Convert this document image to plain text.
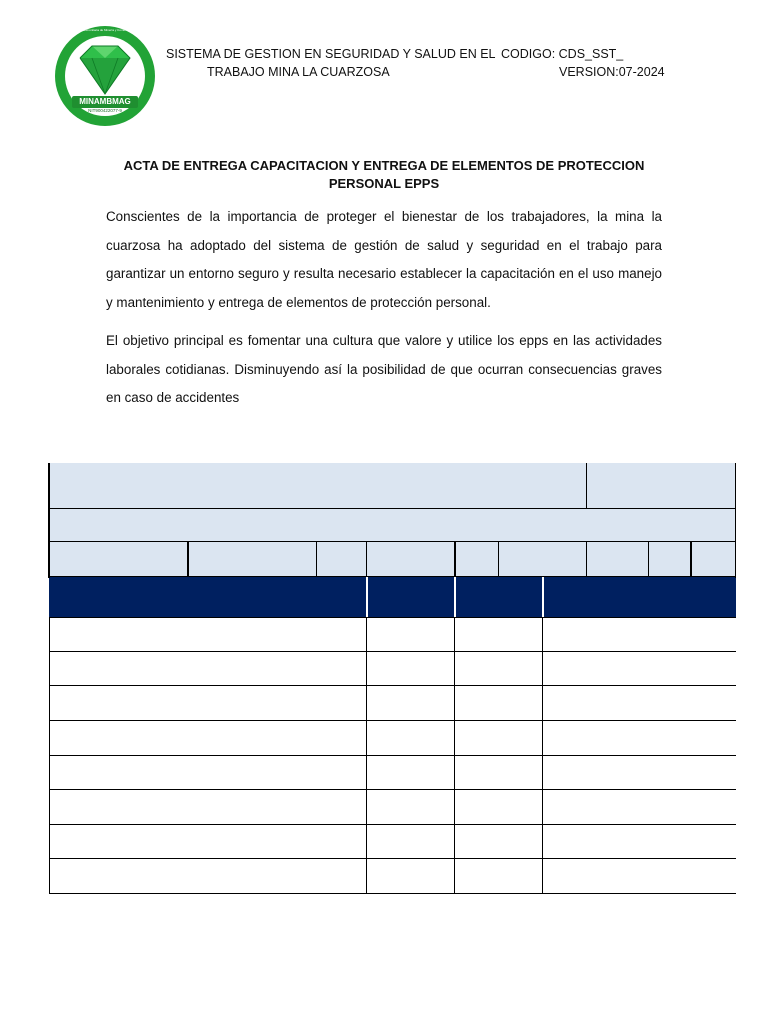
MINAMBMAG
NIT900422077-9
Empresa Comunitaria de Minería y Comercialización de Esmeraldas
SISTEMA DE GESTION EN SEGURIDAD Y SALUD EN EL
TRABAJO MINA LA CUARZOSA
CODIGO: CDS_SST_
VERSION:07-2024
ACTA DE ENTREGA CAPACITACION Y ENTREGA DE ELEMENTOS DE PROTECCION
PERSONAL EPPS
Conscientes de la importancia de proteger el bienestar de los trabajadores, la mina la cuarzosa ha adoptado del sistema de gestión de salud y seguridad en el trabajo para garantizar un entorno seguro y resulta necesario establecer la capacitación en el uso manejo y mantenimiento y entrega de elementos de protección personal.
El objetivo principal es fomentar una cultura que valore y utilice los epps en las actividades laborales cotidianas. Disminuyendo así la posibilidad de que ocurran consecuencias graves en caso de accidentes
